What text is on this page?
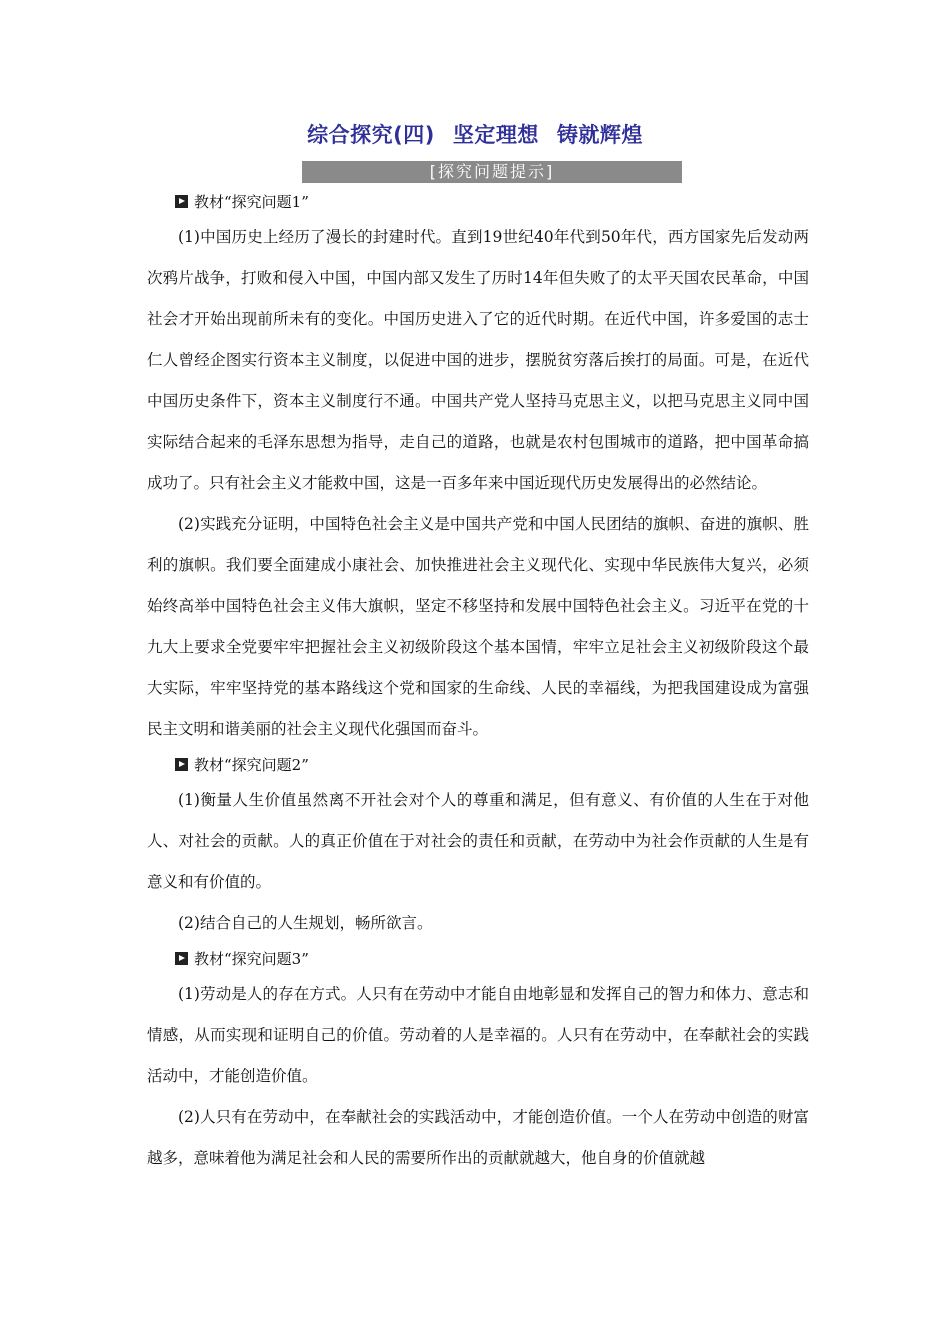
综合探究(四) 坚定理想 铸就辉煌
[探究问题提示]
教材“探究问题1”

(1)中国历史上经历了漫长的封建时代。直到19世纪40年代到50年代，西方国家先后发动两次鸦片战争，打败和侵入中国，中国内部又发生了历时14年但失败了的太平天国农民革命，中国社会才开始出现前所未有的变化。中国历史进入了它的近代时期。在近代中国，许多爱国的志士仁人曾经企图实行资本主义制度，以促进中国的进步，摆脱贫穷落后挨打的局面。可是，在近代中国历史条件下，资本主义制度行不通。中国共产党人坚持马克思主义，以把马克思主义同中国实际结合起来的毛泽东思想为指导，走自己的道路，也就是农村包围城市的道路，把中国革命搞成功了。只有社会主义才能救中国，这是一百多年来中国近现代历史发展得出的必然结论。

(2)实践充分证明，中国特色社会主义是中国共产党和中国人民团结的旗帜、奋进的旗帜、胜利的旗帜。我们要全面建成小康社会、加快推进社会主义现代化、实现中华民族伟大复兴，必须始终高举中国特色社会主义伟大旗帜，坚定不移坚持和发展中国特色社会主义。习近平在党的十九大上要求全党要牢牢把握社会主义初级阶段这个基本国情，牢牢立足社会主义初级阶段这个最大实际，牢牢坚持党的基本路线这个党和国家的生命线、人民的幸福线，为把我国建设成为富强民主文明和谐美丽的社会主义现代化强国而奋斗。

教材“探究问题2”

(1)衡量人生价值虽然离不开社会对个人的尊重和满足，但有意义、有价值的人生在于对他人、对社会的贡献。人的真正价值在于对社会的责任和贡献，在劳动中为社会作贡献的人生是有意义和有价值的。

(2)结合自己的人生规划，畅所欲言。

教材“探究问题3”

(1)劳动是人的存在方式。人只有在劳动中才能自由地彰显和发挥自己的智力和体力、意志和情感，从而实现和证明自己的价值。劳动着的人是幸福的。人只有在劳动中，在奉献社会的实践活动中，才能创造价值。

(2)人只有在劳动中，在奉献社会的实践活动中，才能创造价值。一个人在劳动中创造的财富越多，意味着他为满足社会和人民的需要所作出的贡献就越大，他自身的价值就越
